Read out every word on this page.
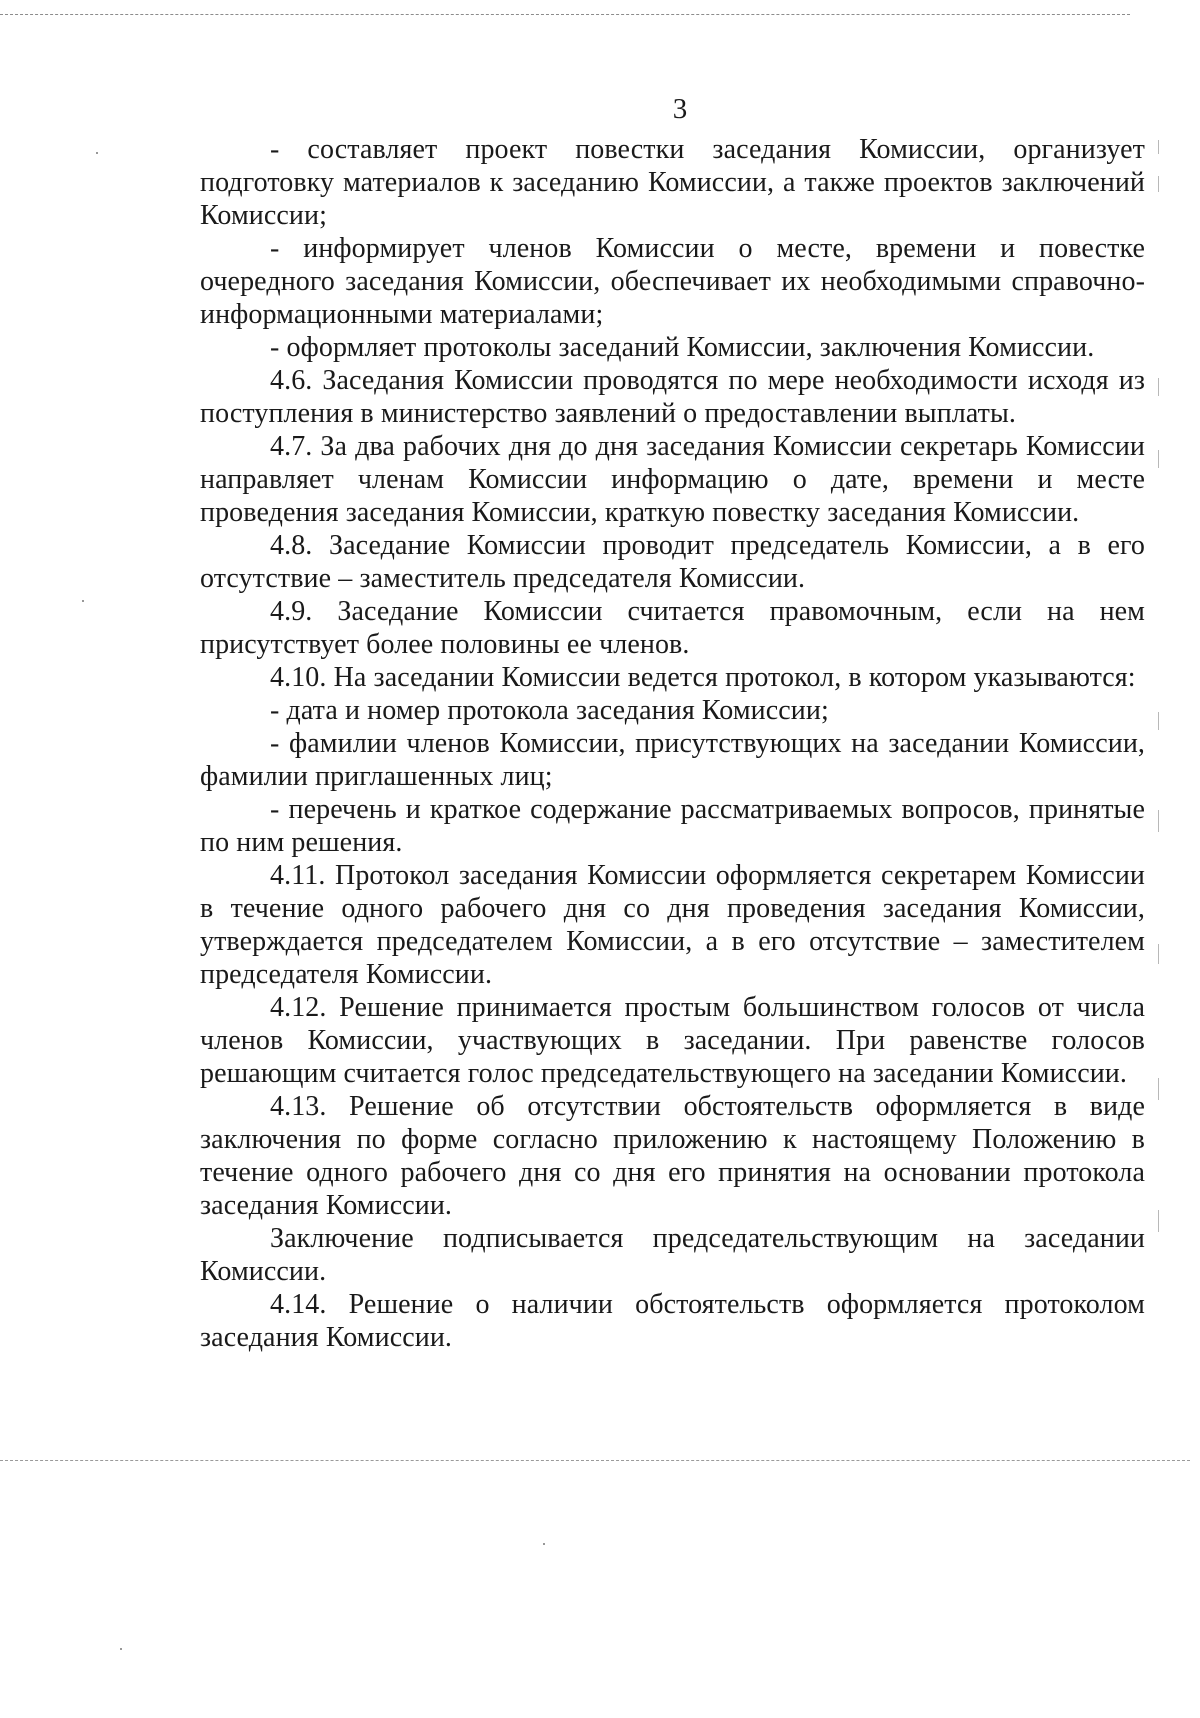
3

- составляет проект повестки заседания Комиссии, организует подготовку материалов к заседанию Комиссии, а также проектов заключений Комиссии;

- информирует членов Комиссии о месте, времени и повестке очередного заседания Комиссии, обеспечивает их необходимыми справочно-информационными материалами;

- оформляет протоколы заседаний Комиссии, заключения Комиссии.

4.6. Заседания Комиссии проводятся по мере необходимости исходя из поступления в министерство заявлений о предоставлении выплаты.

4.7. За два рабочих дня до дня заседания Комиссии секретарь Комиссии направляет членам Комиссии информацию о дате, времени и месте проведения заседания Комиссии, краткую повестку заседания Комиссии.

4.8. Заседание Комиссии проводит председатель Комиссии, а в его отсутствие – заместитель председателя Комиссии.

4.9. Заседание Комиссии считается правомочным, если на нем присутствует более половины ее членов.

4.10. На заседании Комиссии ведется протокол, в котором указываются:

- дата и номер протокола заседания Комиссии;

- фамилии членов Комиссии, присутствующих на заседании Комиссии, фамилии приглашенных лиц;

- перечень и краткое содержание рассматриваемых вопросов, принятые по ним решения.

4.11. Протокол заседания Комиссии оформляется секретарем Комиссии в течение одного рабочего дня со дня проведения заседания Комиссии, утверждается председателем Комиссии, а в его отсутствие – заместителем председателя Комиссии.

4.12. Решение принимается простым большинством голосов от числа членов Комиссии, участвующих в заседании. При равенстве голосов решающим считается голос председательствующего на заседании Комиссии.

4.13. Решение об отсутствии обстоятельств оформляется в виде заключения по форме согласно приложению к настоящему Положению в течение одного рабочего дня со дня его принятия на основании протокола заседания Комиссии.

Заключение подписывается председательствующим на заседании Комиссии.

4.14. Решение о наличии обстоятельств оформляется протоколом заседания Комиссии.
